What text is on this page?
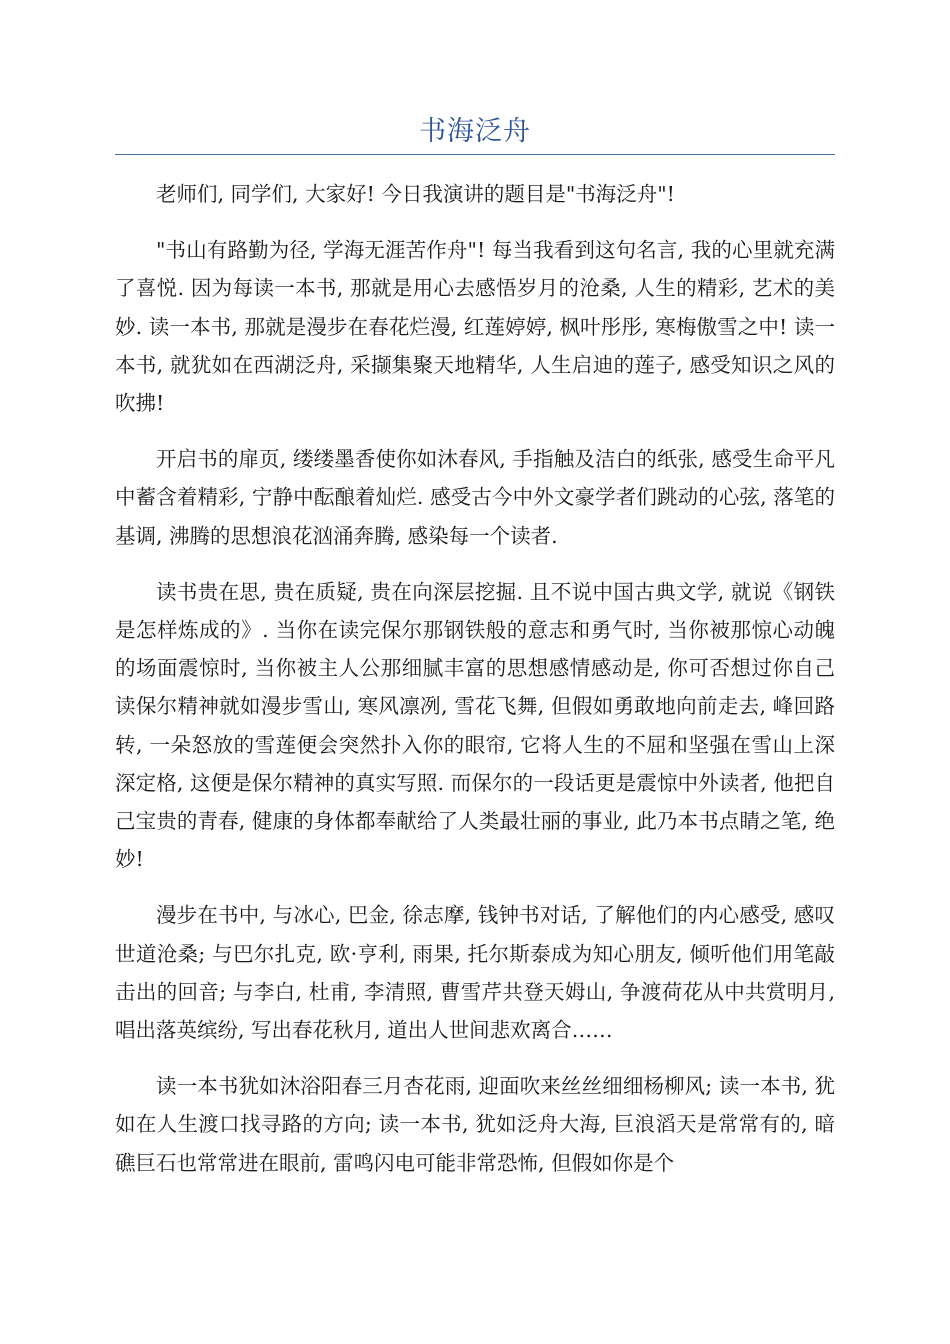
书海泛舟

老师们, 同学们, 大家好! 今日我演讲的题目是"书海泛舟"!

"书山有路勤为径, 学海无涯苦作舟"! 每当我看到这句名言, 我的心里就充满了喜悦. 因为每读一本书, 那就是用心去感悟岁月的沧桑, 人生的精彩, 艺术的美妙. 读一本书, 那就是漫步在春花烂漫, 红莲婷婷, 枫叶彤彤, 寒梅傲雪之中! 读一本书, 就犹如在西湖泛舟, 采撷集聚天地精华, 人生启迪的莲子, 感受知识之风的吹拂!

开启书的扉页, 缕缕墨香使你如沐春风, 手指触及洁白的纸张, 感受生命平凡中蓄含着精彩, 宁静中酝酿着灿烂. 感受古今中外文豪学者们跳动的心弦, 落笔的基调, 沸腾的思想浪花汹涌奔腾, 感染每一个读者.

读书贵在思, 贵在质疑, 贵在向深层挖掘. 且不说中国古典文学, 就说《钢铁是怎样炼成的》. 当你在读完保尔那钢铁般的意志和勇气时, 当你被那惊心动魄的场面震惊时, 当你被主人公那细腻丰富的思想感情感动是, 你可否想过你自己读保尔精神就如漫步雪山, 寒风凛冽, 雪花飞舞, 但假如勇敢地向前走去, 峰回路转, 一朵怒放的雪莲便会突然扑入你的眼帘, 它将人生的不屈和坚强在雪山上深深定格, 这便是保尔精神的真实写照. 而保尔的一段话更是震惊中外读者, 他把自己宝贵的青春, 健康的身体都奉献给了人类最壮丽的事业, 此乃本书点睛之笔, 绝妙!

漫步在书中, 与冰心, 巴金, 徐志摩, 钱钟书对话, 了解他们的内心感受, 感叹世道沧桑; 与巴尔扎克, 欧·亨利, 雨果, 托尔斯泰成为知心朋友, 倾听他们用笔敲击出的回音; 与李白, 杜甫, 李清照, 曹雪芹共登天姆山, 争渡荷花从中共赏明月, 唱出落英缤纷, 写出春花秋月, 道出人世间悲欢离合……

读一本书犹如沐浴阳春三月杏花雨, 迎面吹来丝丝细细杨柳风; 读一本书, 犹如在人生渡口找寻路的方向; 读一本书, 犹如泛舟大海, 巨浪滔天是常常有的, 暗礁巨石也常常进在眼前, 雷鸣闪电可能非常恐怖, 但假如你是个
